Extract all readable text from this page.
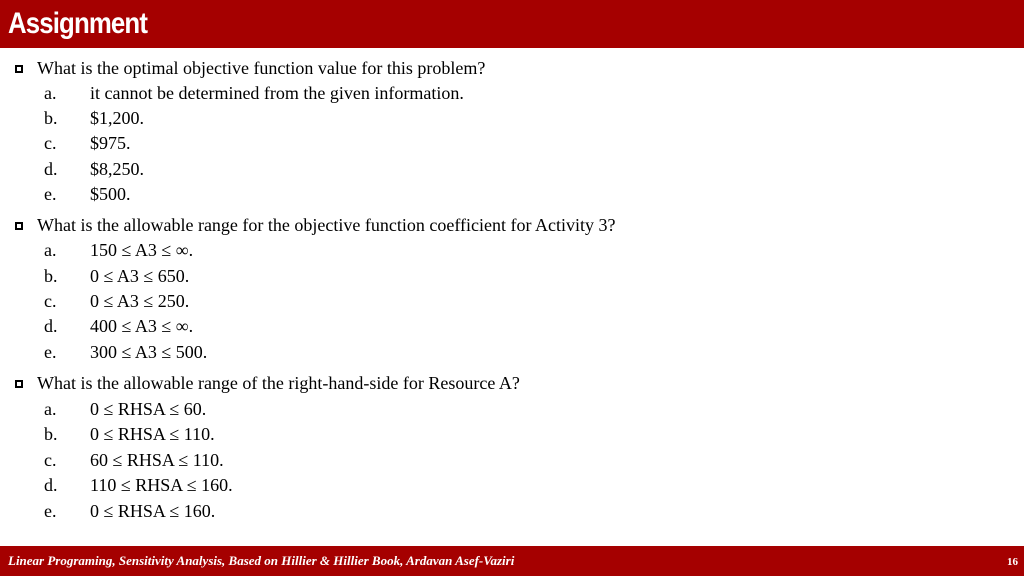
Assignment
What is the optimal objective function value for this problem?
a. it cannot be determined from the given information.
b. $1,200.
c. $975.
d. $8,250.
e. $500.
What is the allowable range for the objective function coefficient for Activity 3?
a. 150 ≤ A3 ≤ ∞.
b. 0 ≤ A3 ≤ 650.
c. 0 ≤ A3 ≤ 250.
d. 400 ≤ A3 ≤ ∞.
e. 300 ≤ A3 ≤ 500.
What is the allowable range of the right-hand-side for Resource A?
a. 0 ≤ RHSA ≤ 60.
b. 0 ≤ RHSA ≤ 110.
c. 60 ≤ RHSA ≤ 110.
d. 110 ≤ RHSA ≤ 160.
e. 0 ≤ RHSA ≤ 160.
Linear Programing, Sensitivity Analysis, Based on Hillier & Hillier Book, Ardavan Asef-Vaziri	16
